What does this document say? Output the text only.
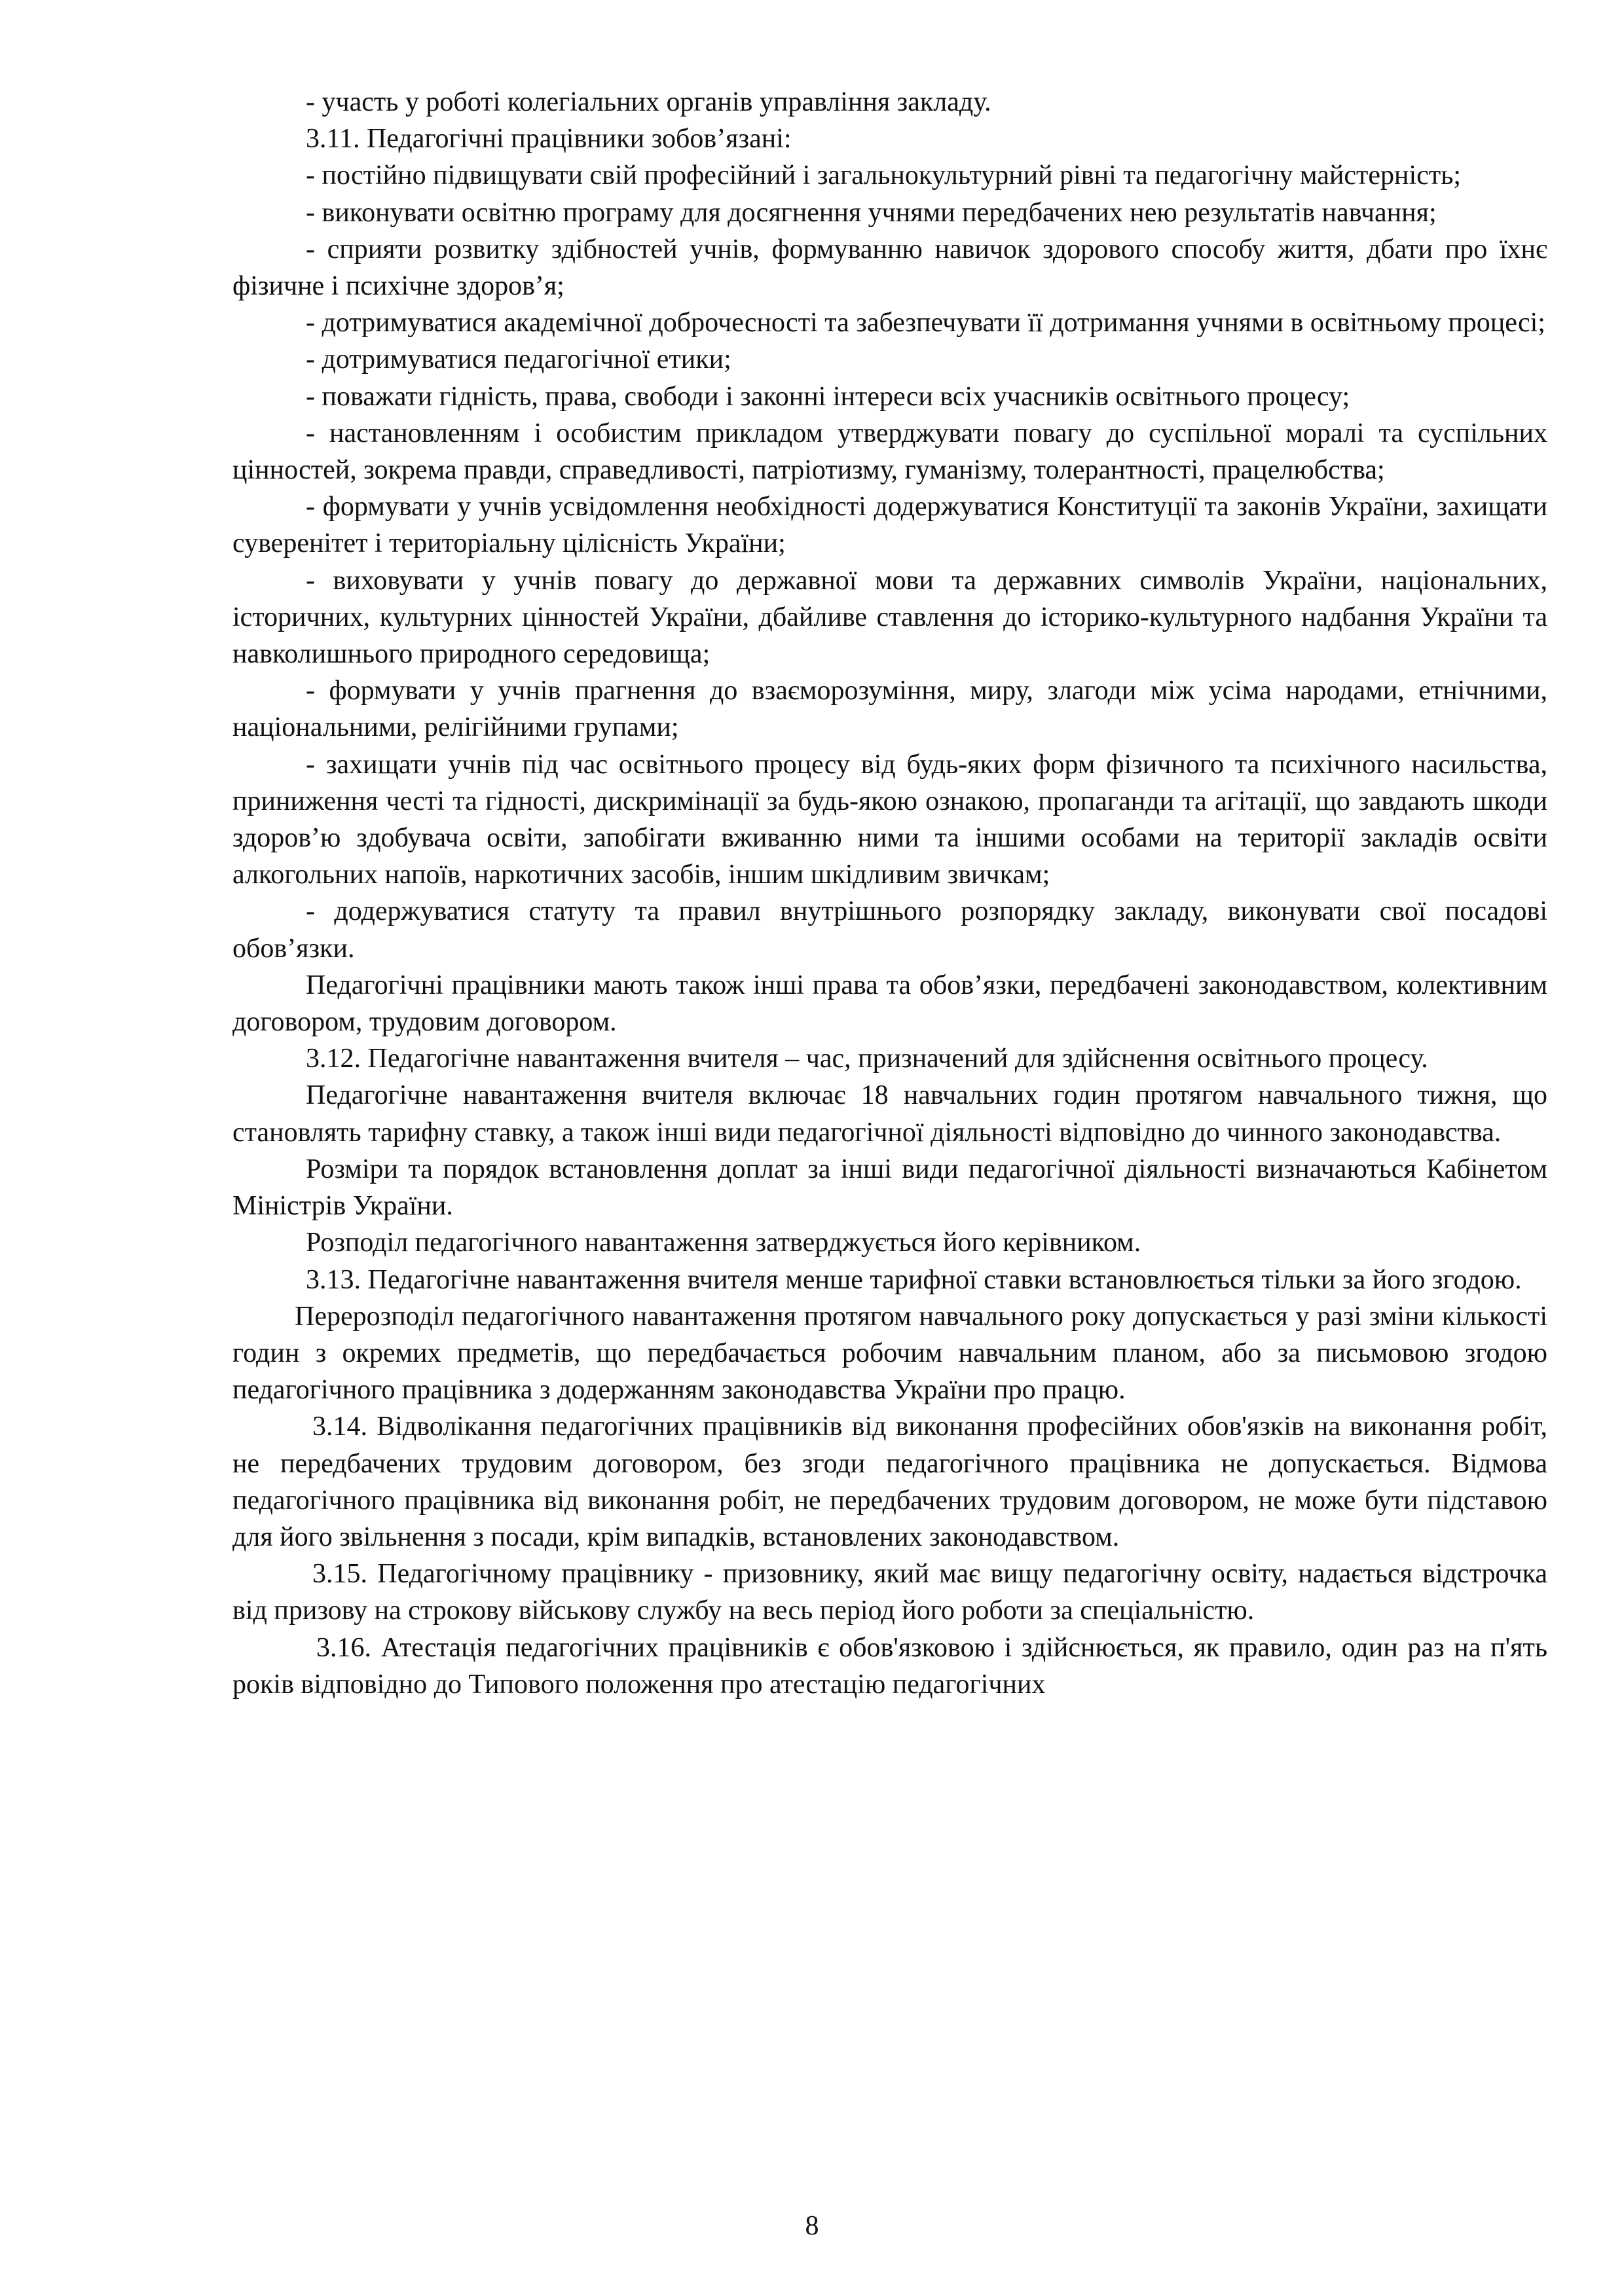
- участь у роботі колегіальних органів управління закладу.

3.11. Педагогічні працівники зобов’язані:

- постійно підвищувати свій професійний і загальнокультурний рівні та педагогічну майстерність;

- виконувати освітню програму для досягнення учнями передбачених нею результатів навчання;

- сприяти розвитку здібностей учнів, формуванню навичок здорового способу життя, дбати про їхнє фізичне і психічне здоров’я;

- дотримуватися академічної доброчесності та забезпечувати її дотримання учнями в освітньому процесі;

- дотримуватися педагогічної етики;

- поважати гідність, права, свободи і законні інтереси всіх учасників освітнього процесу;

- настановленням і особистим прикладом утверджувати повагу до суспільної моралі та суспільних цінностей, зокрема правди, справедливості, патріотизму, гуманізму, толерантності, працелюбства;

- формувати у учнів усвідомлення необхідності додержуватися Конституції та законів України, захищати суверенітет і територіальну цілісність України;

- виховувати у учнів повагу до державної мови та державних символів України, національних, історичних, культурних цінностей України, дбайливе ставлення до історико-культурного надбання України та навколишнього природного середовища;

- формувати у учнів прагнення до взаєморозуміння, миру, злагоди між усіма народами, етнічними, національними, релігійними групами;

- захищати учнів під час освітнього процесу від будь-яких форм фізичного та психічного насильства, приниження честі та гідності, дискримінації за будь-якою ознакою, пропаганди та агітації, що завдають шкоди здоров’ю здобувача освіти, запобігати вживанню ними та іншими особами на території закладів освіти алкогольних напоїв, наркотичних засобів, іншим шкідливим звичкам;

- додержуватися статуту та правил внутрішнього розпорядку закладу, виконувати свої посадові обов’язки.

Педагогічні працівники мають також інші права та обов’язки, передбачені законодавством, колективним договором, трудовим договором.

3.12. Педагогічне навантаження вчителя – час, призначений для здійснення освітнього процесу.

Педагогічне навантаження вчителя включає 18 навчальних годин протягом навчального тижня, що становлять тарифну ставку, а також інші види педагогічної діяльності відповідно до чинного законодавства.

Розміри та порядок встановлення доплат за інші види педагогічної діяльності визначаються Кабінетом Міністрів України.

Розподіл педагогічного навантаження затверджується його керівником.

3.13. Педагогічне навантаження вчителя менше тарифної ставки встановлюється тільки за його згодою.

Перерозподіл педагогічного навантаження протягом навчального року допускається у разі зміни кількості годин з окремих предметів, що передбачається робочим навчальним планом, або за письмовою згодою педагогічного працівника з додержанням законодавства України про працю.

3.14. Відволікання педагогічних працівників від виконання професійних обов'язків на виконання робіт, не передбачених трудовим договором, без згоди педагогічного працівника не допускається. Відмова педагогічного працівника від виконання робіт, не передбачених трудовим договором, не може бути підставою для його звільнення з посади, крім випадків, встановлених законодавством.

3.15. Педагогічному працівнику - призовнику, який має вищу педагогічну освіту, надається відстрочка від призову на строкову військову службу на весь період його роботи за спеціальністю.

3.16. Атестація педагогічних працівників є обов'язковою і здійснюється, як правило, один раз на п'ять років відповідно до Типового положення про атестацію педагогічних

8
